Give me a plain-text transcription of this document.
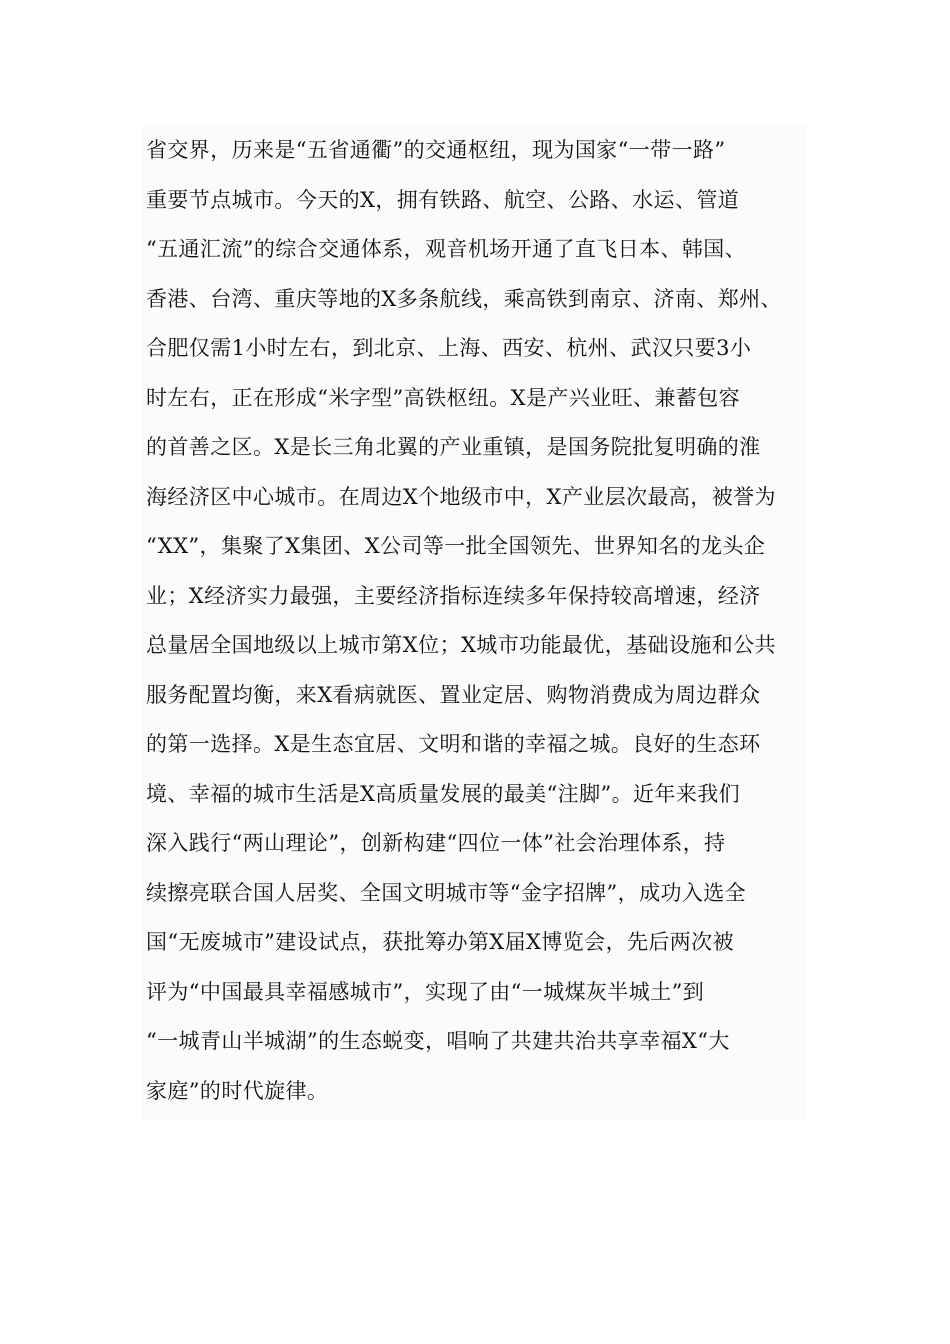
省交界，历来是“五省通衢”的交通枢纽，现为国家“一带一路”
重要节点城市。今天的X，拥有铁路、航空、公路、水运、管道
“五通汇流”的综合交通体系，观音机场开通了直飞日本、韩国、
香港、台湾、重庆等地的X多条航线，乘高铁到南京、济南、郑州、
合肥仅需1小时左右，到北京、上海、西安、杭州、武汉只要3小
时左右，正在形成“米字型”高铁枢纽。X是产兴业旺、兼蓄包容
的首善之区。X是长三角北翼的产业重镇，是国务院批复明确的淮
海经济区中心城市。在周边X个地级市中，X产业层次最高，被誉为
“XX”，集聚了X集团、X公司等一批全国领先、世界知名的龙头企
业；X经济实力最强，主要经济指标连续多年保持较高增速，经济
总量居全国地级以上城市第X位；X城市功能最优，基础设施和公共
服务配置均衡，来X看病就医、置业定居、购物消费成为周边群众
的第一选择。X是生态宜居、文明和谐的幸福之城。良好的生态环
境、幸福的城市生活是X高质量发展的最美“注脚”。近年来我们
深入践行“两山理论”，创新构建“四位一体”社会治理体系，持
续擦亮联合国人居奖、全国文明城市等“金字招牌”，成功入选全
国“无废城市”建设试点，获批筹办第X届X博览会，先后两次被
评为“中国最具幸福感城市”，实现了由“一城煤灰半城土”到
“一城青山半城湖”的生态蜕变，唱响了共建共治共享幸福X“大
家庭”的时代旋律。
